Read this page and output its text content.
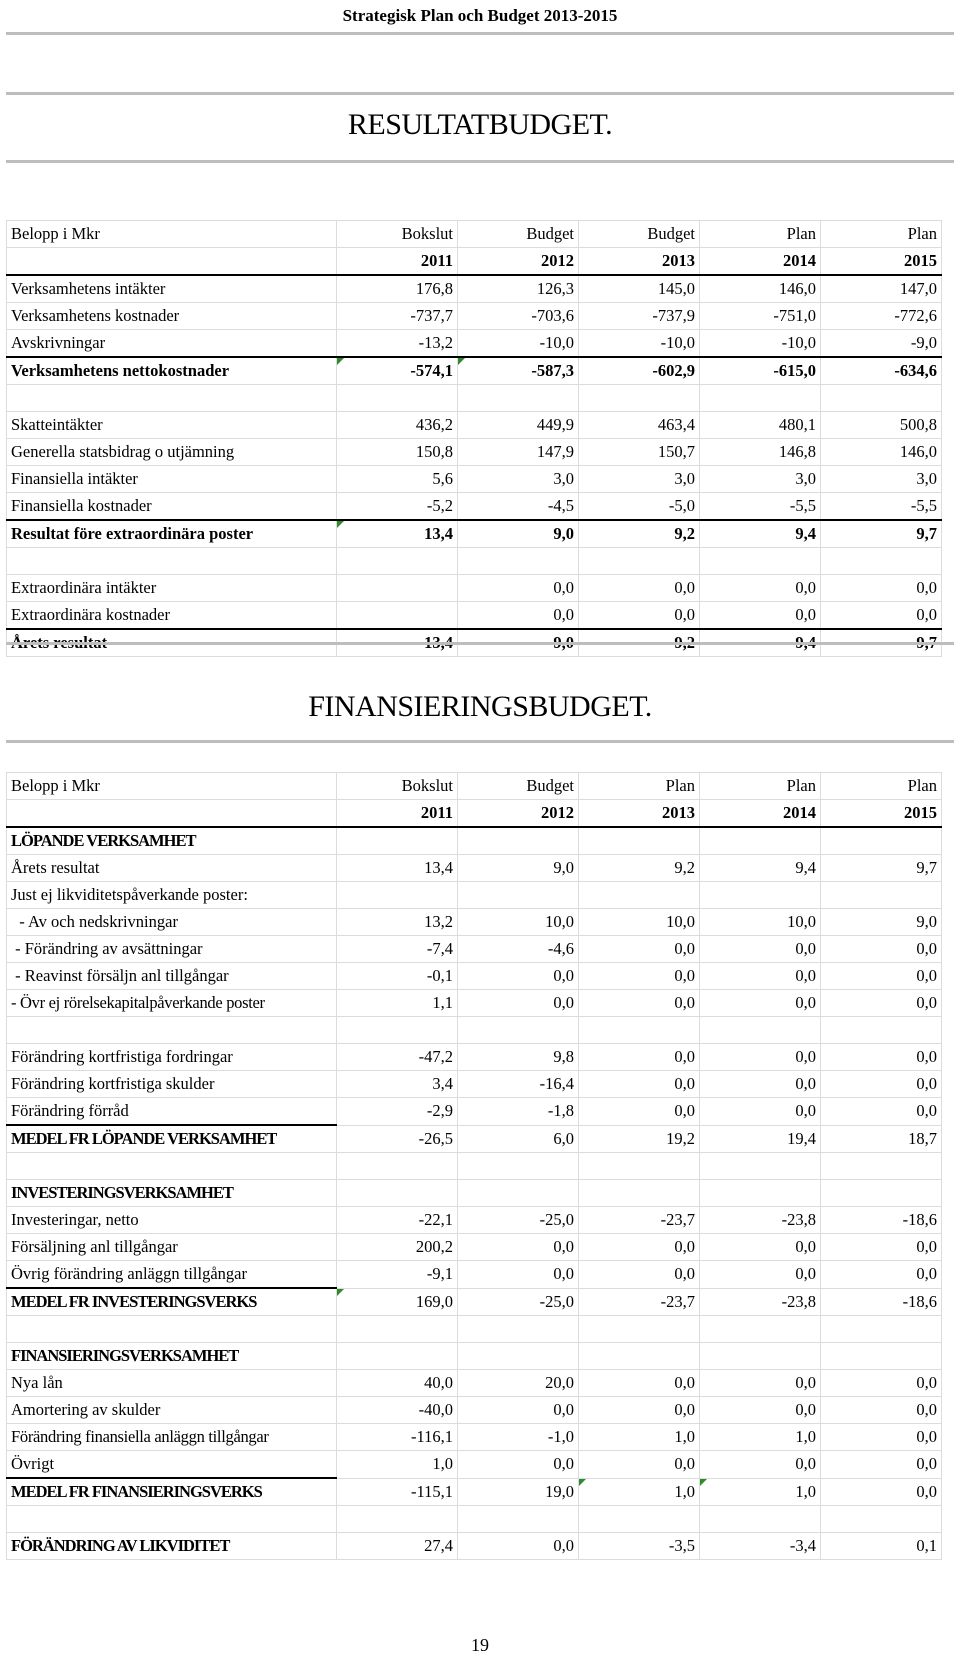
Strategisk Plan och Budget 2013-2015
RESULTATBUDGET.
Belopp i Mkr	Bokslut	Budget	Budget	Plan	Plan
	2011	2012	2013	2014	2015
Verksamhetens intäkter	176,8	126,3	145,0	146,0	147,0
Verksamhetens kostnader	-737,7	-703,6	-737,9	-751,0	-772,6
Avskrivningar	-13,2	-10,0	-10,0	-10,0	-9,0
Verksamhetens nettokostnader	-574,1	-587,3	-602,9	-615,0	-634,6

Skatteintäkter	436,2	449,9	463,4	480,1	500,8
Generella statsbidrag o utjämning	150,8	147,9	150,7	146,8	146,0
Finansiella intäkter	5,6	3,0	3,0	3,0	3,0
Finansiella kostnader	-5,2	-4,5	-5,0	-5,5	-5,5
Resultat före extraordinära poster	13,4	9,0	9,2	9,4	9,7

Extraordinära intäkter		0,0	0,0	0,0	0,0
Extraordinära kostnader		0,0	0,0	0,0	0,0
Årets resultat	13,4	9,0	9,2	9,4	9,7
FINANSIERINGSBUDGET.
Belopp i Mkr	Bokslut	Budget	Plan	Plan	Plan
	2011	2012	2013	2014	2015
LÖPANDE VERKSAMHET					
Årets resultat	13,4	9,0	9,2	9,4	9,7
Just ej likviditetspåverkande poster:					
- Av och nedskrivningar	13,2	10,0	10,0	10,0	9,0
- Förändring av avsättningar	-7,4	-4,6	0,0	0,0	0,0
- Reavinst försäljn anl tillgångar	-0,1	0,0	0,0	0,0	0,0
- Övr ej rörelsekapitalpåverkande poster	1,1	0,0	0,0	0,0	0,0

Förändring kortfristiga fordringar	-47,2	9,8	0,0	0,0	0,0
Förändring kortfristiga skulder	3,4	-16,4	0,0	0,0	0,0
Förändring förråd	-2,9	-1,8	0,0	0,0	0,0
MEDEL FR LÖPANDE VERKSAMHET	-26,5	6,0	19,2	19,4	18,7

INVESTERINGSVERKSAMHET					
Investeringar, netto	-22,1	-25,0	-23,7	-23,8	-18,6
Försäljning anl tillgångar	200,2	0,0	0,0	0,0	0,0
Övrig förändring anläggn tillgångar	-9,1	0,0	0,0	0,0	0,0
MEDEL FR INVESTERINGSVERKS	169,0	-25,0	-23,7	-23,8	-18,6

FINANSIERINGSVERKSAMHET					
Nya lån	40,0	20,0	0,0	0,0	0,0
Amortering av skulder	-40,0	0,0	0,0	0,0	0,0
Förändring finansiella anläggn tillgångar	-116,1	-1,0	1,0	1,0	0,0
Övrigt	1,0	0,0	0,0	0,0	0,0
MEDEL FR FINANSIERINGSVERKS	-115,1	19,0	1,0	1,0	0,0

FÖRÄNDRING AV LIKVIDITET	27,4	0,0	-3,5	-3,4	0,1
19
